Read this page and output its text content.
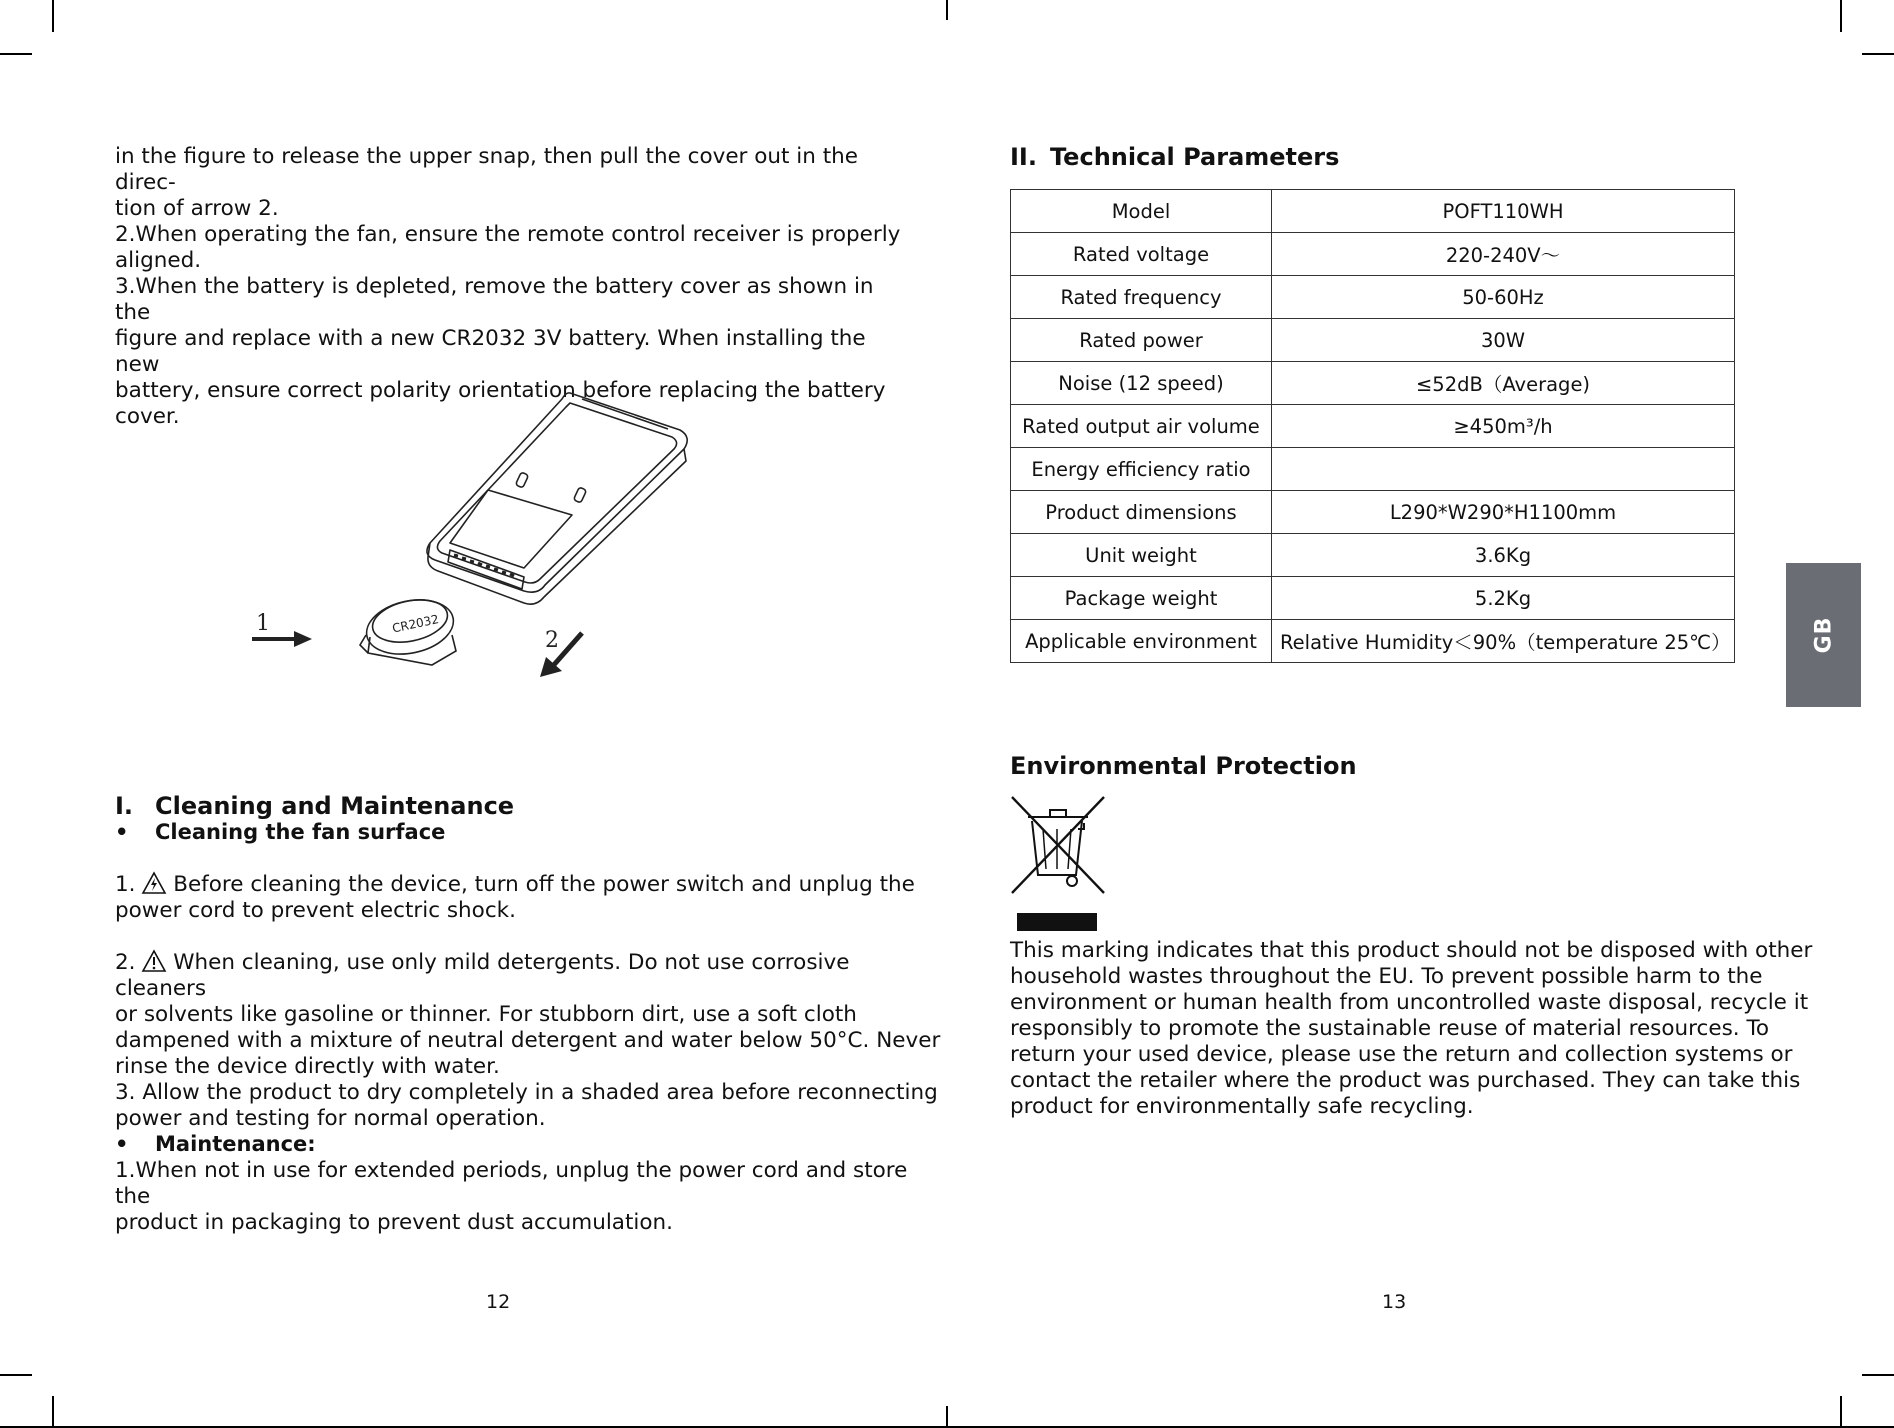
in the figure to release the upper snap, then pull the cover out in the direc-

tion of arrow 2.

2.When operating the fan, ensure the remote control receiver is properly

aligned.

3.When the battery is depleted, remove the battery cover as shown in the

figure and replace with a new CR2032 3V battery. When installing the new

battery, ensure correct polarity orientation before replacing the battery

cover.

CR2032
1
2
I. Cleaning and Maintenance
• Cleaning the fan surface

1. Before cleaning the device, turn off the power switch and unplug the

power cord to prevent electric shock.

2. When cleaning, use only mild detergents. Do not use corrosive cleaners

or solvents like gasoline or thinner. For stubborn dirt, use a soft cloth

dampened with a mixture of neutral detergent and water below 50°C. Never

rinse the device directly with water.

3. Allow the product to dry completely in a shaded area before reconnecting

power and testing for normal operation.

• Maintenance:

1.When not in use for extended periods, unplug the power cord and store the

product in packaging to prevent dust accumulation.

12
II. Technical Parameters
Model	POFT110WH
Rated voltage	220-240V～
Rated frequency	50-60Hz
Rated power	30W
Noise (12 speed)	≤52dB（Average)
Rated output air volume	≥450m³/h
Energy efficiency ratio	
Product dimensions	L290*W290*H1100mm
Unit weight	3.6Kg
Package weight	5.2Kg
Applicable environment	Relative Humidity＜90%（temperature 25℃）
Environmental Protection

This marking indicates that this product should not be disposed with other

household wastes throughout the EU. To prevent possible harm to the

environment or human health from uncontrolled waste disposal, recycle it

responsibly to promote the sustainable reuse of material resources. To

return your used device, please use the return and collection systems or

contact the retailer where the product was purchased. They can take this

product for environmentally safe recycling.

13
GB
